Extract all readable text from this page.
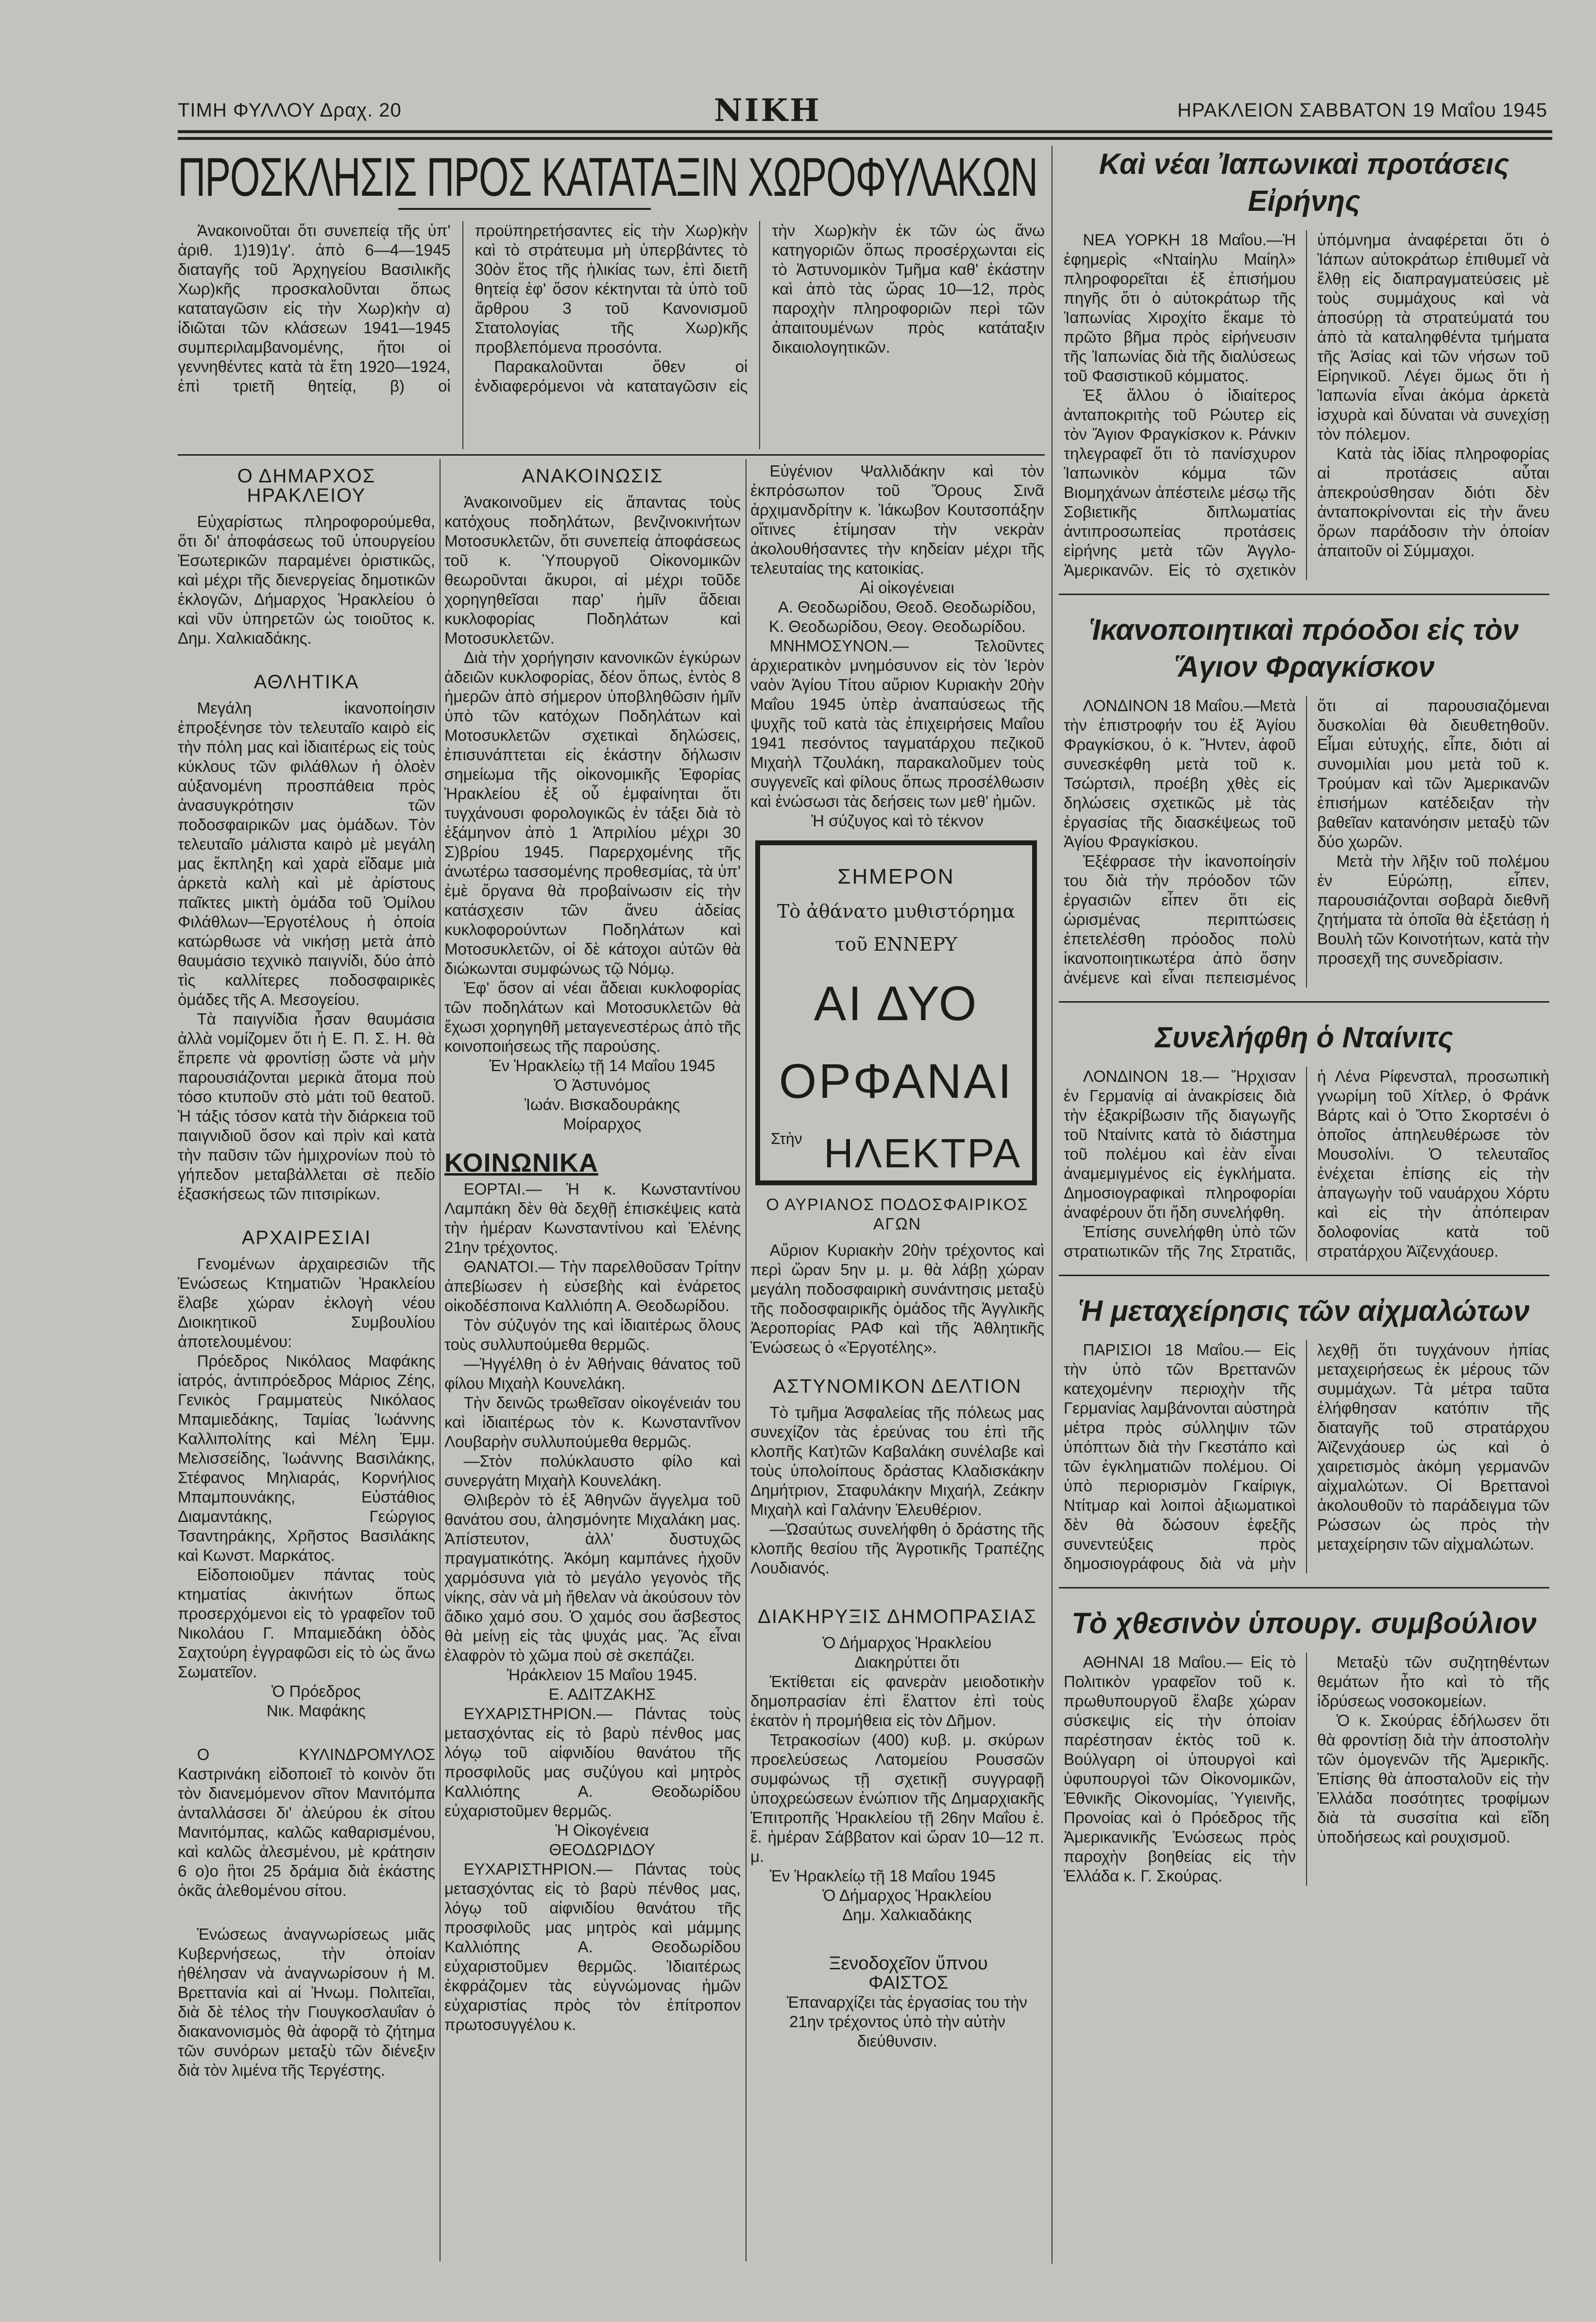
ΤΙΜΗ ΦΥΛΛΟΥ Δραχ. 20	ΝΙΚΗ	ΗΡΑΚΛΕΙΟΝ ΣΑΒΒΑΤΟΝ 19 Μαΐου 1945
ΠΡΟΣΚΛΗΣΙΣ ΠΡΟΣ ΚΑΤΑΤΑΞΙΝ ΧΩΡΟΦΥΛΑΚΩΝ

Ἀνακοινοῦται ὅτι συνεπείᾳ τῆς ὑπ' ἀριθ. 1)19)1γ'. ἀπὸ 6—4—1945 διαταγῆς τοῦ Ἀρχηγείου Βασιλικῆς Χωρ)κῆς προσκαλοῦνται ὅπως καταταγῶσιν εἰς τὴν Χωρ)κὴν α) ἰδιῶται τῶν κλάσεων 1941—1945 συμπεριλαμβανομένης, ἤτοι οἱ γεννηθέντες κατὰ τὰ ἔτη 1920—1924, ἐπὶ τριετῆ θητείᾳ, β) οἱ προϋπηρετήσαντες εἰς τὴν Χωρ)κὴν καὶ τὸ στράτευμα μὴ ὑπερβάντες τὸ 30ὸν ἔτος τῆς ἡλικίας των, ἐπὶ διετῆ θητείᾳ ἐφ' ὅσον κέκτηνται τὰ ὑπὸ τοῦ ἄρθρου 3 τοῦ Κανονισμοῦ Στατολογίας τῆς Χωρ)κῆς προβλεπόμενα προσόντα.

Παρακαλοῦνται ὅθεν οἱ ἐνδιαφερόμενοι νὰ καταταγῶσιν εἰς τὴν Χωρ)κὴν ἐκ τῶν ὡς ἄνω κατηγοριῶν ὅπως προσέρχωνται εἰς τὸ Ἀστυνομικὸν Τμῆμα καθ' ἑκάστην καὶ ἀπὸ τὰς ὥρας 10—12, πρὸς παροχὴν πληροφοριῶν περὶ τῶν ἀπαιτουμένων πρὸς κατάταξιν δικαιολογητικῶν.

Ο ΔΗΜΑΡΧΟΣ ΗΡΑΚΛΕΙΟΥ

Εὐχαρίστως πληροφορούμεθα, ὅτι δι' ἀποφάσεως τοῦ ὑπουργείου Ἐσωτερικῶν παραμένει ὁριστικῶς, καὶ μέχρι τῆς διενεργείας δημοτικῶν ἐκλογῶν, Δήμαρχος Ἡρακλείου ὁ καὶ νῦν ὑπηρετῶν ὡς τοιοῦτος κ. Δημ. Χαλκιαδάκης.

ΑΘΛΗΤΙΚΑ

Μεγάλη ἱκανοποίησιν ἐπροξένησε τὸν τελευταῖο καιρὸ εἰς τὴν πόλη μας καὶ ἰδιαιτέρως εἰς τοὺς κύκλους τῶν φιλάθλων ἡ ὁλοὲν αὐξανομένη προσπάθεια πρὸς ἀνασυγκρότησιν τῶν ποδοσφαιρικῶν μας ὁμάδων. Τὸν τελευταῖο μάλιστα καιρὸ μὲ μεγάλη μας ἔκπληξη καὶ χαρὰ εἴδαμε μιὰ ἀρκετὰ καλὴ καὶ μὲ ἀρίστους παῖκτες μικτὴ ὁμάδα τοῦ Ὁμίλου Φιλάθλων—Ἐργοτέλους ἡ ὁποία κατώρθωσε νὰ νικήσῃ μετὰ ἀπὸ θαυμάσιο τεχνικὸ παιγνίδι, δύο ἀπὸ τὶς καλλίτερες ποδοσφαιρικὲς ὁμάδες τῆς Α. Μεσογείου.

Τὰ παιγνίδια ἦσαν θαυμάσια ἀλλὰ νομίζομεν ὅτι ἡ Ε. Π. Σ. Η. θὰ ἔπρεπε νὰ φροντίσῃ ὥστε νὰ μὴν παρουσιάζονται μερικὰ ἄτομα ποὺ τόσο κτυποῦν στὸ μάτι τοῦ θεατοῦ. Ἡ τάξις τόσον κατὰ τὴν διάρκεια τοῦ παιγνιδιοῦ ὅσον καὶ πρὶν καὶ κατὰ τὴν παῦσιν τῶν ἡμιχρονίων ποὺ τὸ γήπεδον μεταβάλλεται σὲ πεδίο ἐξασκήσεως τῶν πιτσιρίκων.

ΑΡΧΑΙΡΕΣΙΑΙ

Γενομένων ἀρχαιρεσιῶν τῆς Ἑνώσεως Κτηματιῶν Ἡρακλείου ἔλαβε χώραν ἐκλογὴ νέου Διοικητικοῦ Συμβουλίου ἀποτελουμένου:

Πρόεδρος Νικόλαος Μαφάκης ἰατρός, ἀντιπρόεδρος Μάριος Ζέης, Γενικὸς Γραμματεὺς Νικόλαος Μπαμιεδάκης, Ταμίας Ἰωάννης Καλλιπολίτης καὶ Μέλη Ἐμμ. Μελισσείδης, Ἰωάννης Βασιλάκης, Στέφανος Μηλιαράς, Κορνήλιος Μπαμπουνάκης, Εὐστάθιος Διαμαντάκης, Γεώργιος Τσαντηράκης, Χρῆστος Βασιλάκης καὶ Κωνστ. Μαρκάτος.

Εἰδοποιοῦμεν πάντας τοὺς κτηματίας ἀκινήτων ὅπως προσερχόμενοι εἰς τὸ γραφεῖον τοῦ Νικολάου Γ. Μπαμιεδάκη ὁδὸς Σαχτούρη ἐγγραφῶσι εἰς τὸ ὡς ἄνω Σωματεῖον.

Ὁ Πρόεδρος

Νικ. Μαφάκης

Ο ΚΥΛΙΝΔΡΟΜΥΛΟΣ Καστρινάκη εἰδοποιεῖ τὸ κοινὸν ὅτι τὸν διανεμόμενον σῖτον Μανιτόμπα ἀνταλλάσσει δι' ἀλεύρου ἐκ σίτου Μανιτόμπας, καλῶς καθαρισμένου, καὶ καλῶς ἀλεσμένου, μὲ κράτησιν 6 ο)ο ἢτοι 25 δράμια διὰ ἑκάστης ὀκᾶς ἀλεθομένου σίτου.

Ἑνώσεως ἀναγνωρίσεως μιᾶς Κυβερνήσεως, τὴν ὁποίαν ἠθέλησαν νὰ ἀναγνωρίσουν ἡ Μ. Βρεττανία καὶ αἱ Ἡνωμ. Πολιτεῖαι, διὰ δὲ τέλος τὴν Γιουγκοσλαυΐαν ὁ διακανονισμὸς θὰ ἀφορᾷ τὸ ζήτημα τῶν συνόρων μεταξὺ τῶν διένεξιν διὰ τὸν λιμένα τῆς Τεργέστης.

ΑΝΑΚΟΙΝΩΣΙΣ

Ἀνακοινοῦμεν εἰς ἅπαντας τοὺς κατόχους ποδηλάτων, βενζινοκινήτων Μοτοσυκλετῶν, ὅτι συνεπείᾳ ἀποφάσεως τοῦ κ. Ὑπουργοῦ Οἰκονομικῶν θεωροῦνται ἄκυροι, αἱ μέχρι τοῦδε χορηγηθεῖσαι παρ' ἡμῖν ἄδειαι κυκλοφορίας Ποδηλάτων καὶ Μοτοσυκλετῶν.

Διὰ τὴν χορήγησιν κανονικῶν ἐγκύρων ἀδειῶν κυκλοφορίας, δέον ὅπως, ἐντὸς 8 ἡμερῶν ἀπὸ σήμερον ὑποβληθῶσιν ἡμῖν ὑπὸ τῶν κατόχων Ποδηλάτων καὶ Μοτοσυκλετῶν σχετικαὶ δηλώσεις, ἐπισυνάπτεται εἰς ἑκάστην δήλωσιν σημείωμα τῆς οἰκονομικῆς Ἐφορίας Ἡρακλείου ἐξ οὗ ἐμφαίνηται ὅτι τυγχάνουσι φορολογικῶς ἐν τάξει διὰ τὸ ἑξάμηνον ἀπὸ 1 Ἀπριλίου μέχρι 30 Σ)βρίου 1945. Παρερχομένης τῆς ἀνωτέρω τασσομένης προθεσμίας, τὰ ὑπ' ἐμὲ ὄργανα θὰ προβαίνωσιν εἰς τὴν κατάσχεσιν τῶν ἄνευ ἀδείας κυκλοφορούντων Ποδηλάτων καὶ Μοτοσυκλετῶν, οἱ δὲ κάτοχοι αὐτῶν θὰ διώκωνται συμφώνως τῷ Νόμῳ.

Ἐφ' ὅσον αἱ νέαι ἄδειαι κυκλοφορίας τῶν ποδηλάτων καὶ Μοτοσυκλετῶν θὰ ἔχωσι χορηγηθῆ μεταγενεστέρως ἀπὸ τῆς κοινοποιήσεως τῆς παρούσης.

Ἐν Ἡρακλείῳ τῇ 14 Μαΐου 1945

Ὁ Ἀστυνόμος

Ἰωάν. Βισκαδουράκης

Μοίραρχος

ΚΟΙΝΩΝΙΚΑ

ΕΟΡΤΑΙ.— Ἡ κ. Κωνσταντίνου Λαμπάκη δὲν θὰ δεχθῇ ἐπισκέψεις κατὰ τὴν ἡμέραν Κωνσταντίνου καὶ Ἑλένης 21ην τρέχοντος.

ΘΑΝΑΤΟΙ.— Τὴν παρελθοῦσαν Τρίτην ἀπεβίωσεν ἡ εὐσεβὴς καὶ ἐνάρετος οἰκοδέσποινα Καλλιόπη Α. Θεοδωρίδου.

Τὸν σύζυγόν της καὶ ἰδιαιτέρως ὅλους τοὺς συλλυπούμεθα θερμῶς.

—Ἠγγέλθη ὁ ἐν Ἀθήναις θάνατος τοῦ φίλου Μιχαὴλ Κουνελάκη.

Τὴν δεινῶς τρωθεῖσαν οἰκογένειάν του καὶ ἰδιαιτέρως τὸν κ. Κωνσταντῖνον Λουβαρὴν συλλυπούμεθα θερμῶς.

—Στὸν πολύκλαυστο φίλο καὶ συνεργάτη Μιχαὴλ Κουνελάκη.

Θλιβερὸν τὸ ἐξ Ἀθηνῶν ἄγγελμα τοῦ θανάτου σου, ἀλησμόνητε Μιχαλάκη μας. Ἀπίστευτον, ἀλλ' δυστυχῶς πραγματικότης. Ἀκόμη καμπάνες ἠχοῦν χαρμόσυνα γιὰ τὸ μεγάλο γεγονὸς τῆς νίκης, σὰν νὰ μὴ ἤθελαν νὰ ἀκούσουν τὸν ἄδικο χαμό σου. Ὁ χαμός σου ἄσβεστος θὰ μείνῃ εἰς τὰς ψυχάς μας. Ἂς εἶναι ἐλαφρὸν τὸ χῶμα ποὺ σὲ σκεπάζει.

Ἡράκλειον 15 Μαΐου 1945.

Ε. ΑΔΙΤΖΑΚΗΣ

ΕΥΧΑΡΙΣΤΗΡΙΟΝ.— Πάντας τοὺς μετασχόντας εἰς τὸ βαρὺ πένθος μας λόγῳ τοῦ αἰφνιδίου θανάτου τῆς προσφιλοῦς μας συζύγου καὶ μητρὸς Καλλιόπης Α. Θεοδωρίδου εὐχαριστοῦμεν θερμῶς.

Ἡ Οἰκογένεια

ΘΕΟΔΩΡΙΔΟΥ

ΕΥΧΑΡΙΣΤΗΡΙΟΝ.— Πάντας τοὺς μετασχόντας εἰς τὸ βαρὺ πένθος μας, λόγῳ τοῦ αἰφνιδίου θανάτου τῆς προσφιλοῦς μας μητρὸς καὶ μάμμης Καλλιόπης Α. Θεοδωρίδου εὐχαριστοῦμεν θερμῶς. Ἰδιαιτέρως ἐκφράζομεν τὰς εὐγνώμονας ἡμῶν εὐχαριστίας πρὸς τὸν ἐπίτροπον πρωτοσυγγέλου κ.

Εὐγένιον Ψαλλιδάκην καὶ τὸν ἐκπρόσωπον τοῦ Ὄρους Σινᾶ ἀρχιμανδρίτην κ. Ἰάκωβον Κουτσοπάξην οἵτινες ἐτίμησαν τὴν νεκρὰν ἀκολουθήσαντες τὴν κηδείαν μέχρι τῆς τελευταίας της κατοικίας.

Αἱ οἰκογένειαι

Α. Θεοδωρίδου, Θεοδ. Θεοδωρίδου, Κ. Θεοδωρίδου, Θεογ. Θεοδωρίδου.

ΜΝΗΜΟΣΥΝΟΝ.— Τελοῦντες ἀρχιερατικὸν μνημόσυνον εἰς τὸν Ἱερὸν ναὸν Ἁγίου Τίτου αὔριον Κυριακὴν 20ὴν Μαΐου 1945 ὑπὲρ ἀναπαύσεως τῆς ψυχῆς τοῦ κατὰ τὰς ἐπιχειρήσεις Μαΐου 1941 πεσόντος ταγματάρχου πεζικοῦ Μιχαὴλ Τζουλάκη, παρακαλοῦμεν τοὺς συγγενεῖς καὶ φίλους ὅπως προσέλθωσιν καὶ ἑνώσωσι τὰς δεήσεις των μεθ' ἡμῶν.

Ἡ σύζυγος καὶ τὸ τέκνον

ΣΗΜΕΡΟΝ
Τὸ ἀθάνατο μυθιστόρημα
τοῦ ΕΝΝΕΡΥ
ΑΙ ΔΥΟ
ΟΡΦΑΝΑΙ
Στὴν ΗΛΕΚΤΡΑ
Ο ΑΥΡΙΑΝΟΣ ΠΟΔΟΣΦΑΙΡΙΚΟΣ ΑΓΩΝ

Αὔριον Κυριακὴν 20ὴν τρέχοντος καὶ περὶ ὥραν 5ην μ. μ. θὰ λάβῃ χώραν μεγάλη ποδοσφαιρικὴ συνάντησις μεταξὺ τῆς ποδοσφαιρικῆς ὁμάδος τῆς Ἀγγλικῆς Ἀεροπορίας ΡΑΦ καὶ τῆς Ἀθλητικῆς Ἑνώσεως ὁ «Ἐργοτέλης».

ΑΣΤΥΝΟΜΙΚΟΝ ΔΕΛΤΙΟΝ

Τὸ τμῆμα Ἀσφαλείας τῆς πόλεως μας συνεχίζον τὰς ἐρεύνας του ἐπὶ τῆς κλοπῆς Κατ)τῶν Καβαλάκη συνέλαβε καὶ τοὺς ὑπολοίπους δράστας Κλαδισκάκην Δημήτριον, Σταφυλάκην Μιχαήλ, Ζεάκην Μιχαὴλ καὶ Γαλάνην Ἐλευθέριον.

—Ὡσαύτως συνελήφθη ὁ δράστης τῆς κλοπῆς θεσίου τῆς Ἀγροτικῆς Τραπέζης Λουδιανός.

ΔΙΑΚΗΡΥΞΙΣ ΔΗΜΟΠΡΑΣΙΑΣ

Ὁ Δήμαρχος Ἡρακλείου

Διακηρύττει ὅτι

Ἐκτίθεται εἰς φανερὰν μειοδοτικὴν δημοπρασίαν ἐπὶ ἔλαττον ἐπὶ τοὺς ἑκατὸν ἡ προμήθεια εἰς τὸν Δῆμον.

Τετρακοσίων (400) κυβ. μ. σκύρων προελεύσεως Λατομείου Ρουσσῶν συμφώνως τῇ σχετικῇ συγγραφῇ ὑποχρεώσεων ἐνώπιον τῆς Δημαρχιακῆς Ἐπιτροπῆς Ἡρακλείου τῇ 26ην Μαΐου ἑ. ἔ. ἡμέραν Σάββατον καὶ ὥραν 10—12 π. μ.

Ἐν Ἡρακλείῳ τῇ 18 Μαΐου 1945

Ὁ Δήμαρχος Ἡρακλείου

Δημ. Χαλκιαδάκης

Ξενοδοχεῖον ὕπνου

ΦΑΙΣΤΟΣ

Ἐπαναρχίζει τὰς ἐργασίας του τὴν 21ην τρέχοντος ὑπὸ τὴν αὐτὴν διεύθυνσιν.

Καὶ νέαι Ἰαπωνικαὶ προτάσεις Εἰρήνης

ΝΕΑ ΥΟΡΚΗ 18 Μαΐου.—Ἡ ἐφημερὶς «Νταίηλυ Μαίηλ» πληροφορεῖται ἐξ ἐπισήμου πηγῆς ὅτι ὁ αὐτοκράτωρ τῆς Ἰαπωνίας Χιροχίτο ἔκαμε τὸ πρῶτο βῆμα πρὸς εἰρήνευσιν τῆς Ἰαπωνίας διὰ τῆς διαλύσεως τοῦ Φασιστικοῦ κόμματος.

Ἐξ ἄλλου ὁ ἰδιαίτερος ἀνταποκριτὴς τοῦ Ρώυτερ εἰς τὸν Ἅγιον Φραγκίσκον κ. Ράνκιν τηλεγραφεῖ ὅτι τὸ πανίσχυρον Ἰαπωνικὸν κόμμα τῶν Βιομηχάνων ἀπέστειλε μέσῳ τῆς Σοβιετικῆς διπλωματίας ἀντιπροσωπείας προτάσεις εἰρήνης μετὰ τῶν Ἀγγλο-Ἀμερικανῶν. Εἰς τὸ σχετικὸν ὑπόμνημα ἀναφέρεται ὅτι ὁ Ἰάπων αὐτοκράτωρ ἐπιθυμεῖ νὰ ἔλθῃ εἰς διαπραγματεύσεις μὲ τοὺς συμμάχους καὶ νὰ ἀποσύρῃ τὰ στρατεύματά του ἀπὸ τὰ καταληφθέντα τμήματα τῆς Ἀσίας καὶ τῶν νήσων τοῦ Εἰρηνικοῦ. Λέγει ὅμως ὅτι ἡ Ἰαπωνία εἶναι ἀκόμα ἀρκετὰ ἰσχυρὰ καὶ δύναται νὰ συνεχίσῃ τὸν πόλεμον.

Κατὰ τὰς ἰδίας πληροφορίας αἱ προτάσεις αὗται ἀπεκρούσθησαν διότι δὲν ἀνταποκρίνονται εἰς τὴν ἄνευ ὅρων παράδοσιν τὴν ὁποίαν ἀπαιτοῦν οἱ Σύμμαχοι.

Ἱκανοποιητικαὶ πρόοδοι εἰς τὸν Ἅγιον Φραγκίσκον

ΛΟΝΔΙΝΟΝ 18 Μαΐου.—Μετὰ τὴν ἐπιστροφήν του ἐξ Ἁγίου Φραγκίσκου, ὁ κ. Ἤντεν, ἀφοῦ συνεσκέφθη μετὰ τοῦ κ. Τσώρτσιλ, προέβη χθὲς εἰς δηλώσεις σχετικῶς μὲ τὰς ἐργασίας τῆς διασκέψεως τοῦ Ἁγίου Φραγκίσκου.

Ἐξέφρασε τὴν ἱκανοποίησίν του διὰ τὴν πρόοδον τῶν ἐργασιῶν εἶπεν ὅτι εἰς ὡρισμένας περιπτώσεις ἐπετελέσθη πρόοδος πολὺ ἱκανοποιητικωτέρα ἀπὸ ὅσην ἀνέμενε καὶ εἶναι πεπεισμένος ὅτι αἱ παρουσιαζόμεναι δυσκολίαι θὰ διευθετηθοῦν. Εἶμαι εὐτυχής, εἶπε, διότι αἱ συνομιλίαι μου μετὰ τοῦ κ. Τρούμαν καὶ τῶν Ἀμερικανῶν ἐπισήμων κατέδειξαν τὴν βαθεῖαν κατανόησιν μεταξὺ τῶν δύο χωρῶν.

Μετὰ τὴν λῆξιν τοῦ πολέμου ἐν Εὐρώπῃ, εἶπεν, παρουσιάζονται σοβαρὰ διεθνῆ ζητήματα τὰ ὁποῖα θὰ ἐξετάσῃ ἡ Βουλὴ τῶν Κοινοτήτων, κατὰ τὴν προσεχῆ της συνεδρίασιν.

Συνελήφθη ὁ Νταίνιτς

ΛΟΝΔΙΝΟΝ 18.— Ἤρχισαν ἐν Γερμανίᾳ αἱ ἀνακρίσεις διὰ τὴν ἐξακρίβωσιν τῆς διαγωγῆς τοῦ Νταίνιτς κατὰ τὸ διάστημα τοῦ πολέμου καὶ ἐὰν εἶναι ἀναμεμιγμένος εἰς ἐγκλήματα. Δημοσιογραφικαὶ πληροφορίαι ἀναφέρουν ὅτι ἤδη συνελήφθη.

Ἐπίσης συνελήφθη ὑπὸ τῶν στρατιωτικῶν τῆς 7ης Στρατιᾶς, ἡ Λένα Ρίφενσταλ, προσωπικὴ γνωρίμη τοῦ Χίτλερ, ὁ Φράνκ Βάρτς καὶ ὁ Ὄττο Σκορτσένι ὁ ὁποῖος ἀπηλευθέρωσε τὸν Μουσολίνι. Ὁ τελευταῖος ἐνέχεται ἐπίσης εἰς τὴν ἀπαγωγὴν τοῦ ναυάρχου Χόρτυ καὶ εἰς τὴν ἀπόπειραν δολοφονίας κατὰ τοῦ στρατάρχου Ἀϊζενχάουερ.

Ἡ μεταχείρησις τῶν αἰχμαλώτων

ΠΑΡΙΣΙΟΙ 18 Μαΐου.— Εἰς τὴν ὑπὸ τῶν Βρεττανῶν κατεχομένην περιοχὴν τῆς Γερμανίας λαμβάνονται αὐστηρὰ μέτρα πρὸς σύλληψιν τῶν ὑπόπτων διὰ τὴν Γκεστάπο καὶ τῶν ἐγκληματιῶν πολέμου. Οἱ ὑπὸ περιορισμὸν Γκαίριγκ, Ντίτμαρ καὶ λοιποὶ ἀξιωματικοὶ δὲν θὰ δώσουν ἐφεξῆς συνεντεύξεις πρὸς δημοσιογράφους διὰ νὰ μὴν λεχθῇ ὅτι τυγχάνουν ἠπίας μεταχειρήσεως ἐκ μέρους τῶν συμμάχων. Τὰ μέτρα ταῦτα ἐλήφθησαν κατόπιν τῆς διαταγῆς τοῦ στρατάρχου Ἀϊζενχάουερ ὡς καὶ ὁ χαιρετισμὸς ἀκόμη γερμανῶν αἰχμαλώτων. Οἱ Βρεττανοὶ ἀκολουθοῦν τὸ παράδειγμα τῶν Ρώσσων ὡς πρὸς τὴν μεταχείρησιν τῶν αἰχμαλώτων.

Τὸ χθεσινὸν ὑπουργ. συμβούλιον

ΑΘΗΝΑΙ 18 Μαΐου.— Εἰς τὸ Πολιτικὸν γραφεῖον τοῦ κ. πρωθυπουργοῦ ἔλαβε χώραν σύσκεψις εἰς τὴν ὁποίαν παρέστησαν ἐκτὸς τοῦ κ. Βούλγαρη οἱ ὑπουργοὶ καὶ ὑφυπουργοὶ τῶν Οἰκονομικῶν, Ἐθνικῆς Οἰκονομίας, Ὑγιεινῆς, Προνοίας καὶ ὁ Πρόεδρος τῆς Ἀμερικανικῆς Ἑνώσεως πρὸς παροχὴν βοηθείας εἰς τὴν Ἑλλάδα κ. Γ. Σκούρας.

Μεταξὺ τῶν συζητηθέντων θεμάτων ἦτο καὶ τὸ τῆς ἱδρύσεως νοσοκομείων.

Ὁ κ. Σκούρας ἐδήλωσεν ὅτι θὰ φροντίσῃ διὰ τὴν ἀποστολὴν τῶν ὁμογενῶν τῆς Ἀμερικῆς. Ἐπίσης θὰ ἀποσταλοῦν εἰς τὴν Ἑλλάδα ποσότητες τροφίμων διὰ τὰ συσσίτια καὶ εἴδη ὑποδήσεως καὶ ρουχισμοῦ.
